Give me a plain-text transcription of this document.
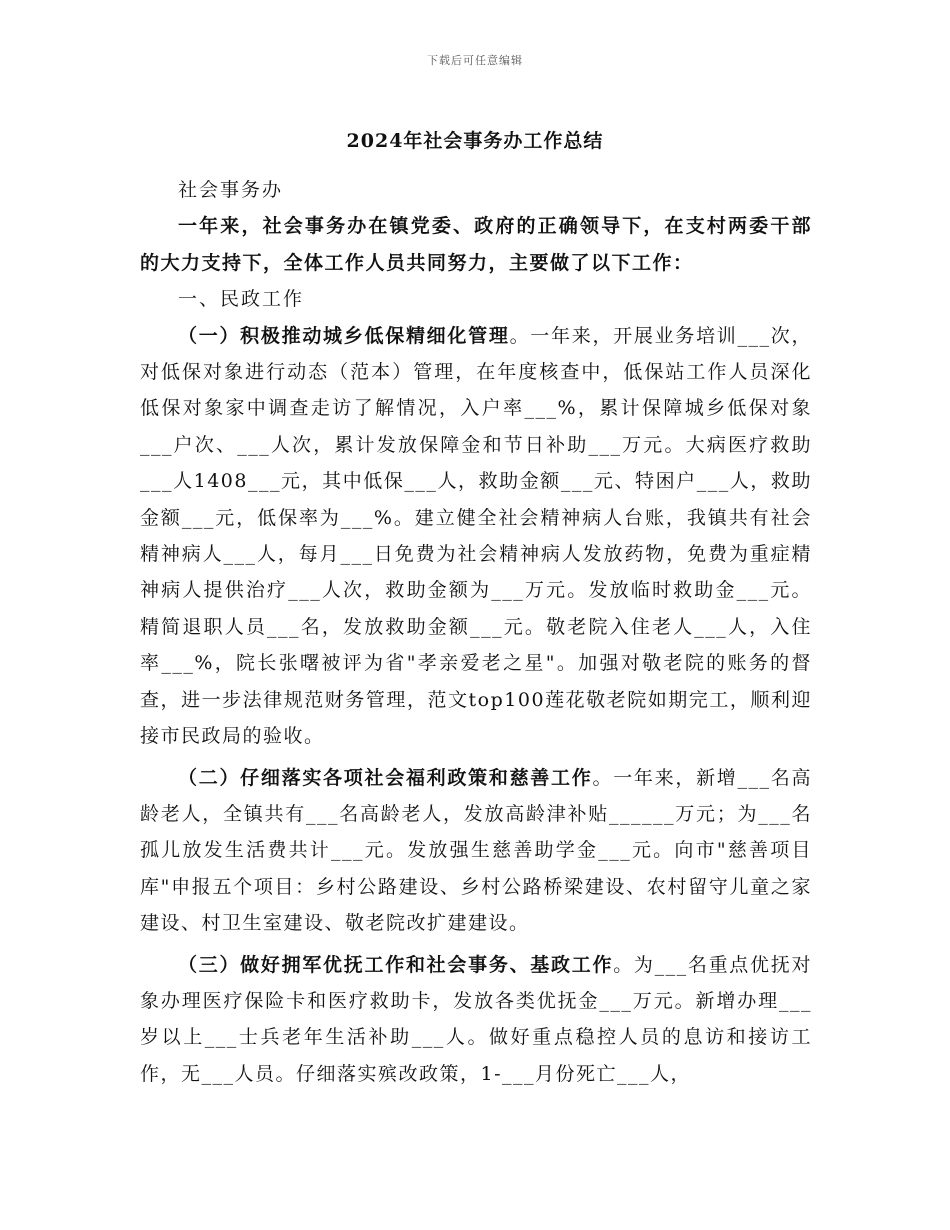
下载后可任意编辑
2024年社会事务办工作总结

社会事务办

一年来，社会事务办在镇党委、政府的正确领导下，在支村两委干部的大力支持下，全体工作人员共同努力，主要做了以下工作：

一、民政工作

（一）积极推动城乡低保精细化管理。一年来，开展业务培训___次，对低保对象进行动态（范本）管理，在年度核查中，低保站工作人员深化低保对象家中调查走访了解情况，入户率___%，累计保障城乡低保对象___户次、___人次，累计发放保障金和节日补助___万元。大病医疗救助___人1408___元，其中低保___人，救助金额___元、特困户___人，救助金额___元，低保率为___%。建立健全社会精神病人台账，我镇共有社会精神病人___人，每月___日免费为社会精神病人发放药物，免费为重症精神病人提供治疗___人次，救助金额为___万元。发放临时救助金___元。精简退职人员___名，发放救助金额___元。敬老院入住老人___人，入住率___%，院长张曙被评为省"孝亲爱老之星"。加强对敬老院的账务的督查，进一步法律规范财务管理，范文top100莲花敬老院如期完工，顺利迎接市民政局的验收。

（二）仔细落实各项社会福利政策和慈善工作。一年来，新增___名高龄老人，全镇共有___名高龄老人，发放高龄津补贴______万元；为___名孤儿放发生活费共计___元。发放强生慈善助学金___元。向市"慈善项目库"申报五个项目：乡村公路建设、乡村公路桥梁建设、农村留守儿童之家建设、村卫生室建设、敬老院改扩建建设。

（三）做好拥军优抚工作和社会事务、基政工作。为___名重点优抚对象办理医疗保险卡和医疗救助卡，发放各类优抚金___万元。新增办理___岁以上___士兵老年生活补助___人。做好重点稳控人员的息访和接访工作，无___人员。仔细落实殡改政策，1-___月份死亡___人，
